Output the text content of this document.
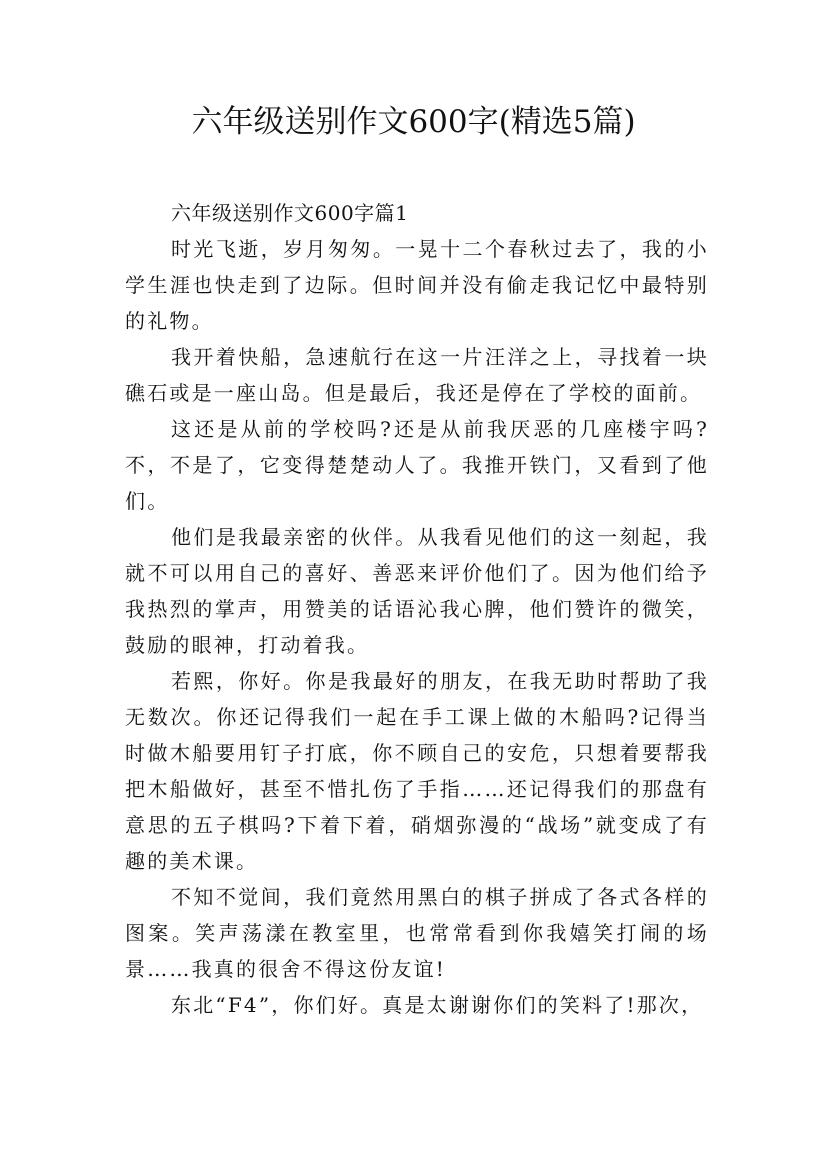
六年级送别作文600字(精选5篇)

六年级送别作文600字篇1

时光飞逝，岁月匆匆。一晃十二个春秋过去了，我的小学生涯也快走到了边际。但时间并没有偷走我记忆中最特别的礼物。

我开着快船，急速航行在这一片汪洋之上，寻找着一块礁石或是一座山岛。但是最后，我还是停在了学校的面前。

这还是从前的学校吗?还是从前我厌恶的几座楼宇吗?不，不是了，它变得楚楚动人了。我推开铁门，又看到了他们。

他们是我最亲密的伙伴。从我看见他们的这一刻起，我就不可以用自己的喜好、善恶来评价他们了。因为他们给予我热烈的掌声，用赞美的话语沁我心脾，他们赞许的微笑，鼓励的眼神，打动着我。

若熙，你好。你是我最好的朋友，在我无助时帮助了我无数次。你还记得我们一起在手工课上做的木船吗?记得当时做木船要用钉子打底，你不顾自己的安危，只想着要帮我把木船做好，甚至不惜扎伤了手指……还记得我们的那盘有意思的五子棋吗?下着下着，硝烟弥漫的“战场”就变成了有趣的美术课。

不知不觉间，我们竟然用黑白的棋子拼成了各式各样的图案。笑声荡漾在教室里，也常常看到你我嬉笑打闹的场景……我真的很舍不得这份友谊!

东北“F4”，你们好。真是太谢谢你们的笑料了!那次，
